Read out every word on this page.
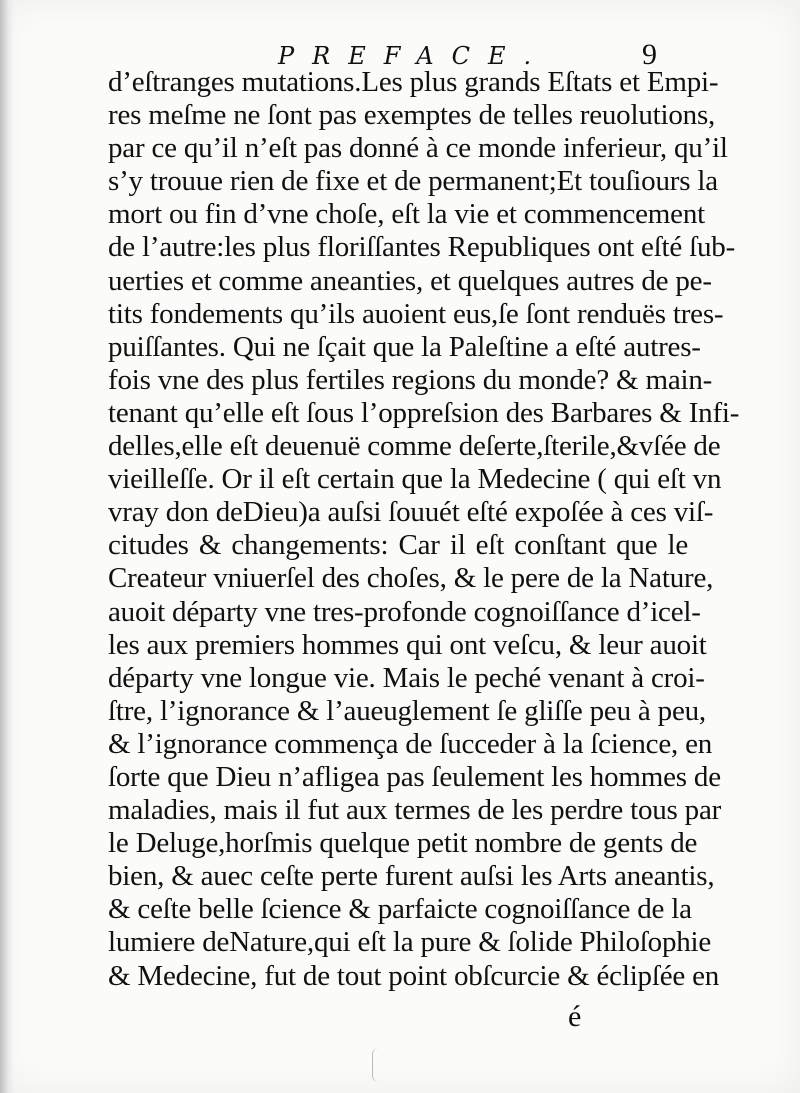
PREFACE.	9
d’eſtranges mutations.Les plus grands Eſtats et Empi-
res meſme ne ſont pas exemptes de telles reuolutions,
par ce qu’il n’eſt pas donné à ce monde inferieur, qu’il
s’y trouue rien de fixe et de permanent;Et touſiours la
mort ou fin d’vne choſe, eſt la vie et commencement
de l’autre:les plus floriſſantes Republiques ont eſté ſub-
uerties et comme aneanties, et quelques autres de pe-
tits fondements qu’ils auoient eus,ſe ſont renduës tres-
puiſſantes. Qui ne ſçait que la Paleſtine a eſté autres-
fois vne des plus fertiles regions du monde? & main-
tenant qu’elle eſt ſous l’oppreſsion des Barbares & Infi-
delles,elle eſt deuenuë comme deſerte,ſterile,&vſée de
vieilleſſe. Or il eſt certain que la Medecine ( qui eſt vn
vray don deDieu)a auſsi ſouuét eſté expoſée à ces viſ-
citudes & changements: Car il eſt conſtant que le
Createur vniuerſel des choſes, & le pere de la Nature,
auoit départy vne tres-profonde cognoiſſance d’icel-
les aux premiers hommes qui ont veſcu, & leur auoit
départy vne longue vie. Mais le peché venant à croi-
ſtre, l’ignorance & l’aueuglement ſe gliſſe peu à peu,
& l’ignorance commença de ſucceder à la ſcience, en
ſorte que Dieu n’afligea pas ſeulement les hommes de
maladies, mais il fut aux termes de les perdre tous par
le Deluge,horſmis quelque petit nombre de gents de
bien, & auec ceſte perte furent auſsi les Arts aneantis,
& ceſte belle ſcience & parfaicte cognoiſſance de la
lumiere deNature,qui eſt la pure & ſolide Philoſophie
& Medecine, fut de tout point obſcurcie & éclipſée en
é
